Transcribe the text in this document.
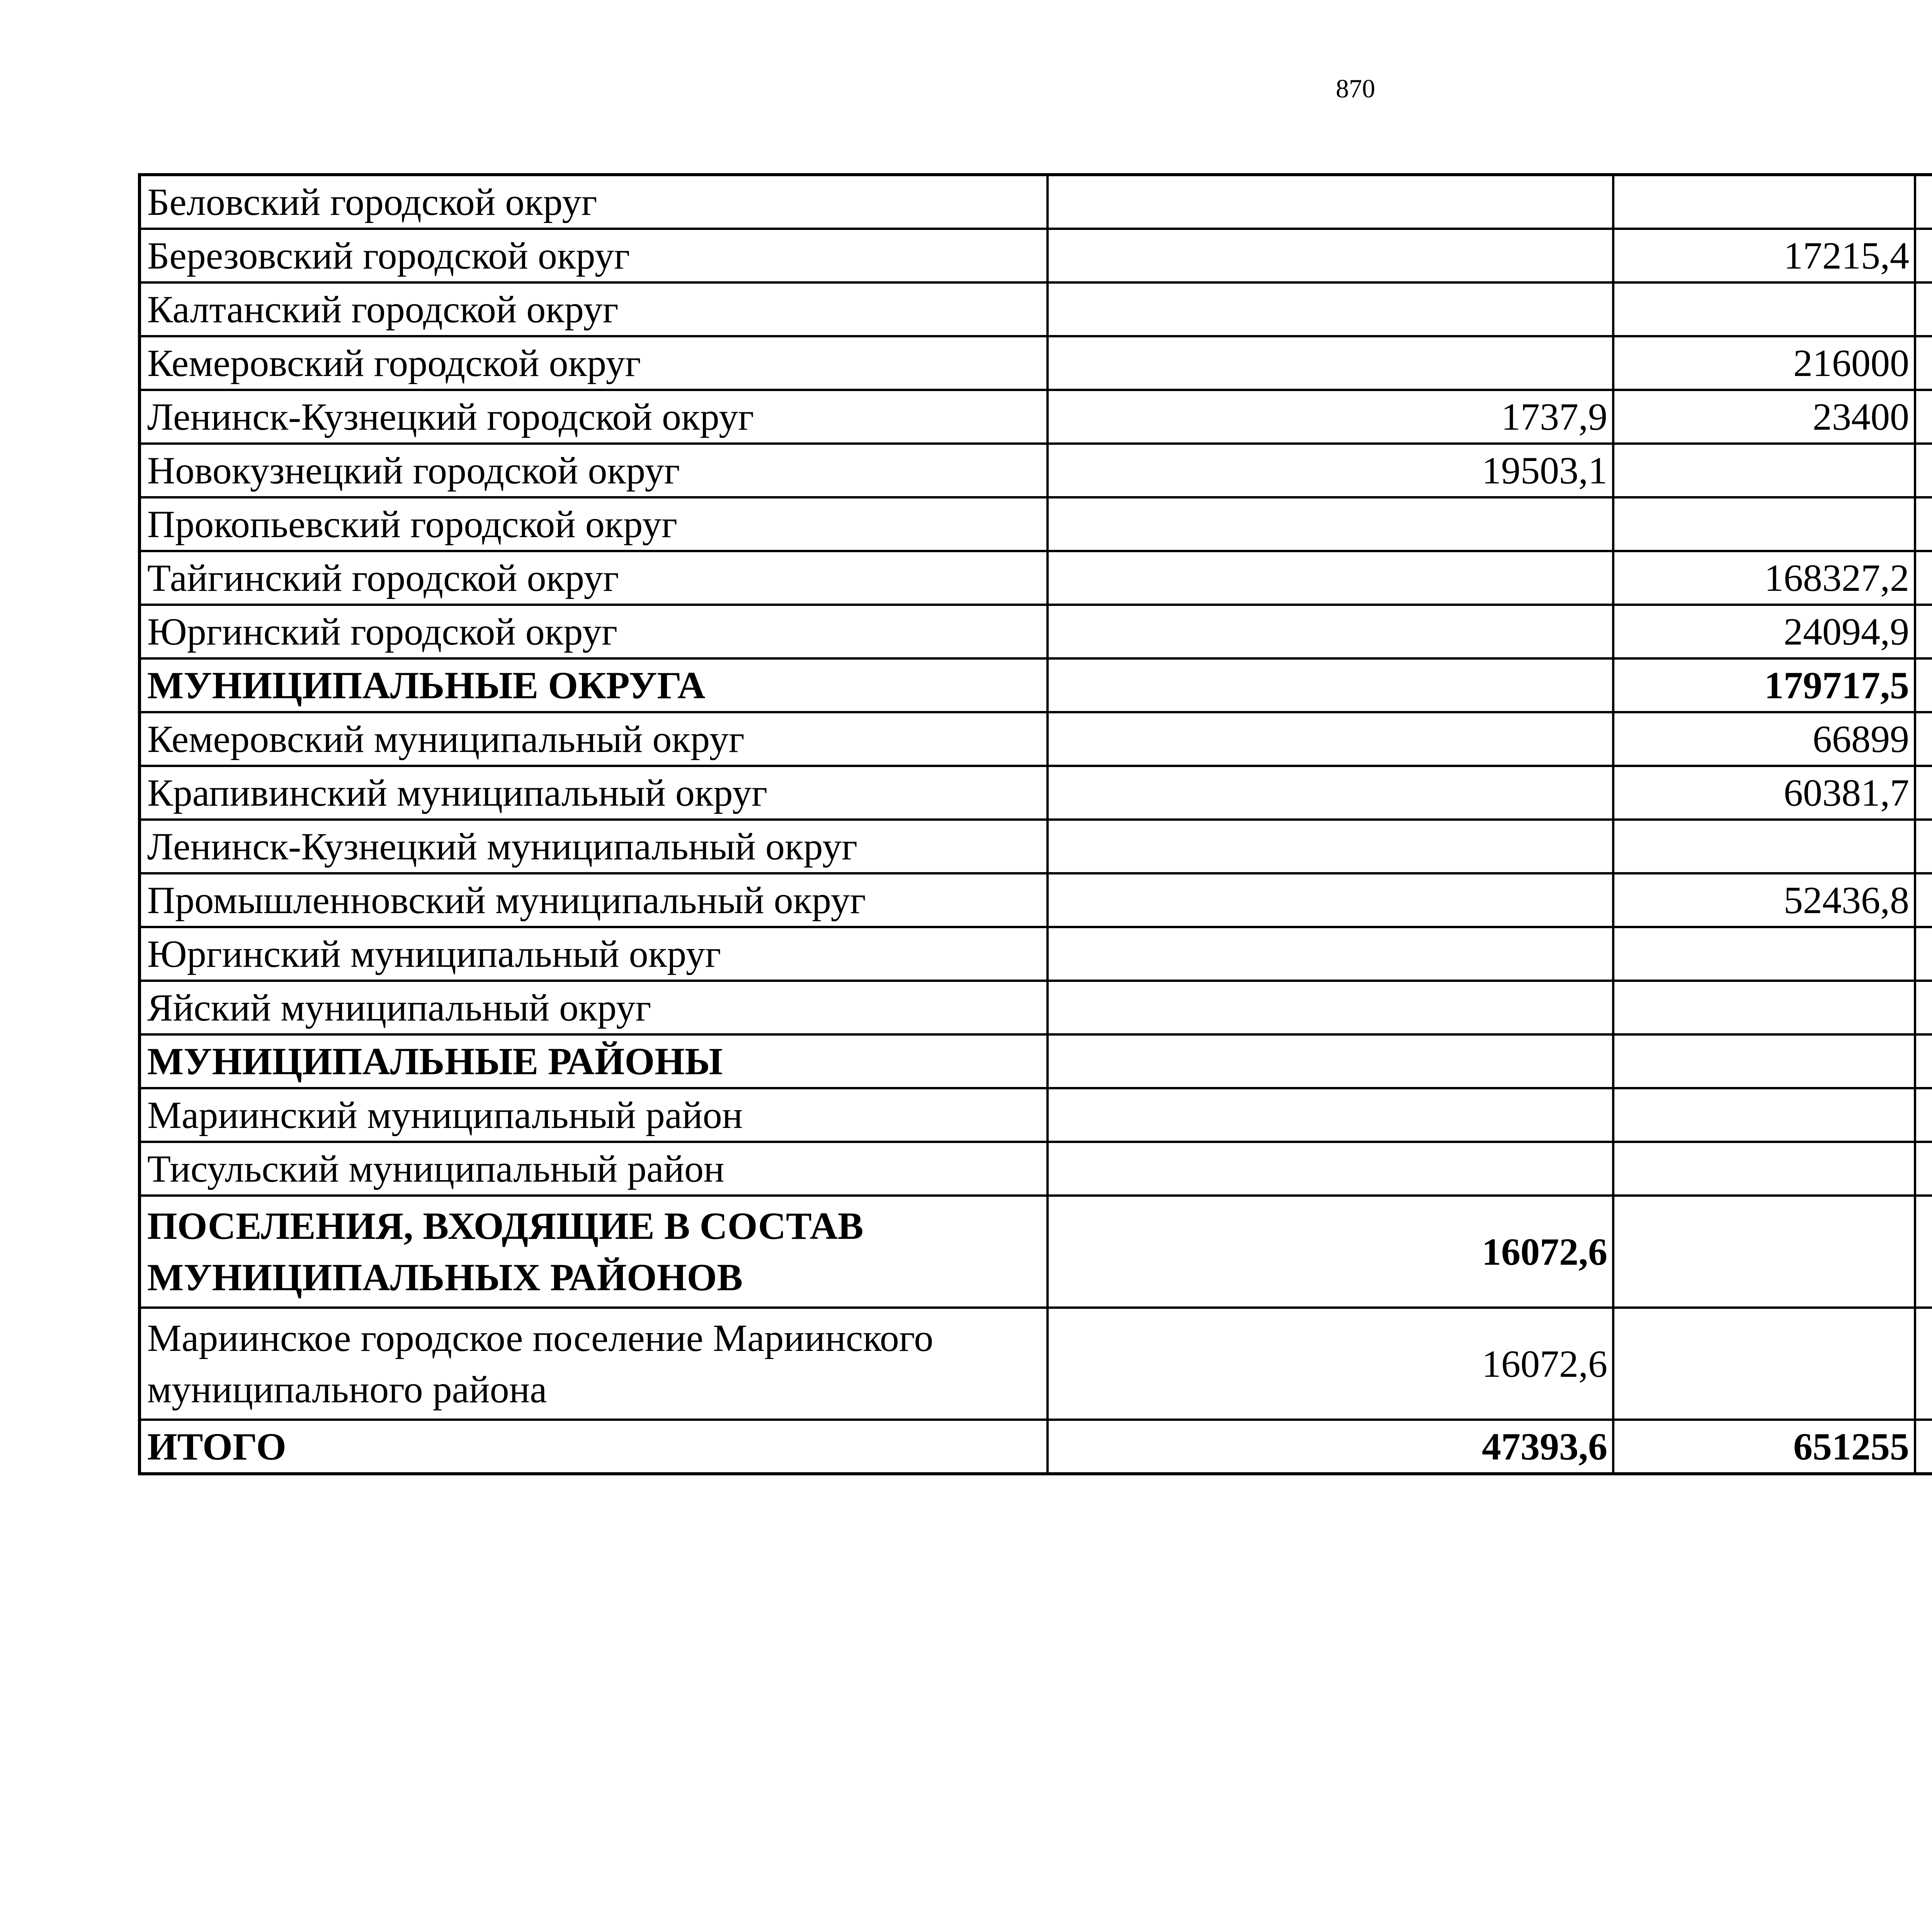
870
Беловский городской округ				
Березовский городской округ		17215,4		
Калтанский городской округ				
Кемеровский городской округ		216000		
Ленинск-Кузнецкий городской округ	1737,9	23400		
Новокузнецкий городской округ	19503,1			
Прокопьевский городской округ				
Тайгинский городской округ		168327,2		
Юргинский городской округ		24094,9		
МУНИЦИПАЛЬНЫЕ ОКРУГА		179717,5		
Кемеровский муниципальный округ		66899		
Крапивинский муниципальный округ		60381,7		
Ленинск-Кузнецкий муниципальный округ				
Промышленновский муниципальный округ		52436,8		
Юргинский муниципальный округ				
Яйский муниципальный округ				
МУНИЦИПАЛЬНЫЕ РАЙОНЫ				
Мариинский муниципальный район				
Тисульский муниципальный район				
ПОСЕЛЕНИЯ, ВХОДЯЩИЕ В СОСТАВ МУНИЦИПАЛЬНЫХ РАЙОНОВ	16072,6			
Мариинское городское поселение Мариинского муниципального района	16072,6			
ИТОГО	47393,6	651255		
